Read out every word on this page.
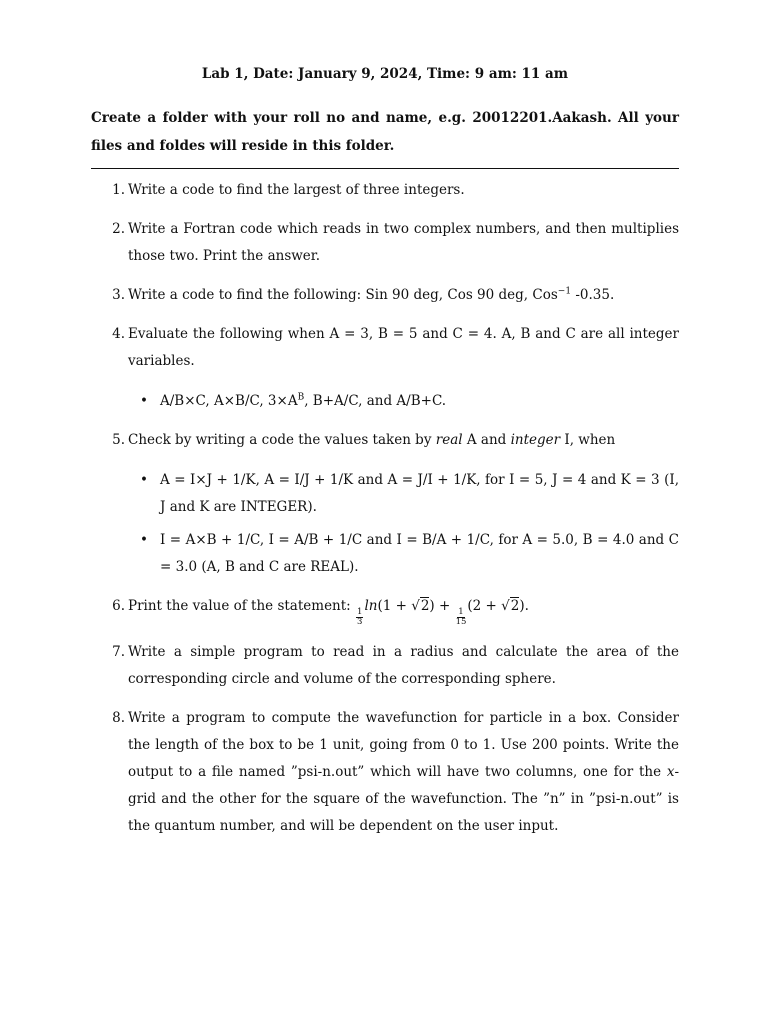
Lab 1, Date: January 9, 2024, Time: 9 am: 11 am
Create a folder with your roll no and name, e.g. 20012201.Aakash. All your files and foldes will reside in this folder.
1. Write a code to find the largest of three integers.
2. Write a Fortran code which reads in two complex numbers, and then multiplies those two. Print the answer.
3. Write a code to find the following: Sin 90 deg, Cos 90 deg, Cos$^{-1}$ -0.35.
4. Evaluate the following when A = 3, B = 5 and C = 4. A, B and C are all integer variables.
• A/B×C, A×B/C, $3\times A^B$, B+A/C, and A/B+C.
5. Check by writing a code the values taken by real A and integer I, when
• A = I×J + 1/K, A = I/J + 1/K and A = J/I + 1/K, for I = 5, J = 4 and K = 3 (I, J and K are INTEGER).
• I = A×B + 1/C, I = A/B + 1/C and I = B/A + 1/C, for A = 5.0, B = 4.0 and C = 3.0 (A, B and C are REAL).
6. Print the value of the statement:
$\frac{1}{3}$
ln(1 + √2) +
$\frac{1}{15}$
(2 + √2).
7. Write a simple program to read in a radius and calculate the area of the corresponding circle and volume of the corresponding sphere.
8. Write a program to compute the wavefunction for particle in a box. Consider the length of the box to be 1 unit, going from 0 to 1. Use 200 points. Write the output to a file named ”psi-n.out” which will have two columns, one for the x-grid and the other for the square of the wavefunction. The ”n” in ”psi-n.out” is the quantum number, and will be dependent on the user input.
